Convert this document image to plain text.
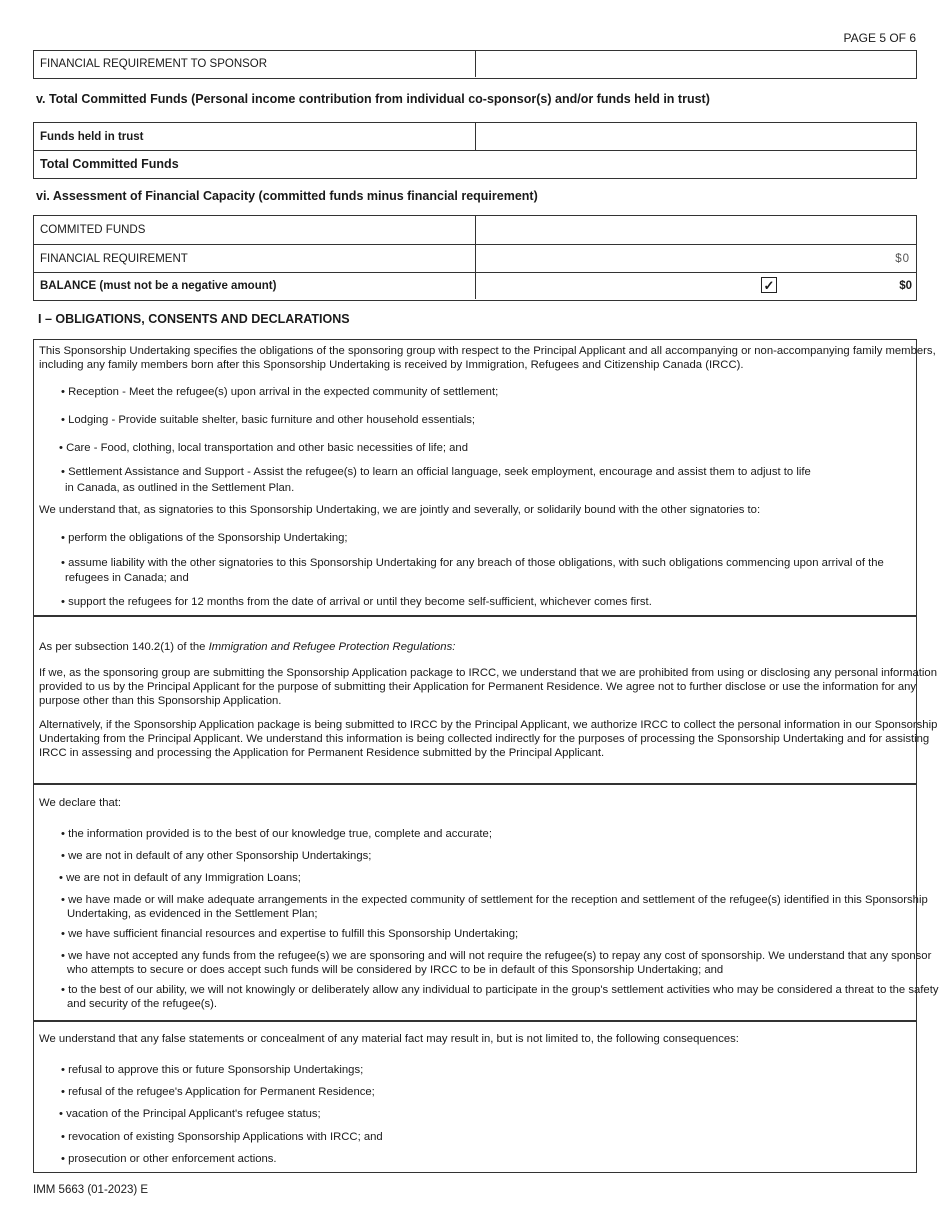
PAGE 5 OF 6
FINANCIAL REQUIREMENT TO SPONSOR
v. Total Committed Funds (Personal income contribution from individual co-sponsor(s) and/or funds held in trust)
Funds held in trust
Total Committed Funds
vi. Assessment of Financial Capacity (committed funds minus financial requirement)
COMMITED FUNDS
FINANCIAL REQUIREMENT	$0
BALANCE (must not be a negative amount)	✓	$0
I – OBLIGATIONS, CONSENTS AND DECLARATIONS
This Sponsorship Undertaking specifies the obligations of the sponsoring group with respect to the Principal Applicant and all accompanying or non-accompanying family members,
including any family members born after this Sponsorship Undertaking is received by Immigration, Refugees and Citizenship Canada (IRCC).
• Reception - Meet the refugee(s) upon arrival in the expected community of settlement;
• Lodging - Provide suitable shelter, basic furniture and other household essentials;
• Care - Food, clothing, local transportation and other basic necessities of life; and
• Settlement Assistance and Support - Assist the refugee(s) to learn an official language, seek employment, encourage and assist them to adjust to life
in Canada, as outlined in the Settlement Plan.
We understand that, as signatories to this Sponsorship Undertaking, we are jointly and severally, or solidarily bound with the other signatories to:
• perform the obligations of the Sponsorship Undertaking;
• assume liability with the other signatories to this Sponsorship Undertaking for any breach of those obligations, with such obligations commencing upon arrival of the
refugees in Canada; and
• support the refugees for 12 months from the date of arrival or until they become self-sufficient, whichever comes first.
As per subsection 140.2(1) of the Immigration and Refugee Protection Regulations:
If we, as the sponsoring group are submitting the Sponsorship Application package to IRCC, we understand that we are prohibited from using or disclosing any personal information
provided to us by the Principal Applicant for the purpose of submitting their Application for Permanent Residence. We agree not to further disclose or use the information for any
purpose other than this Sponsorship Application.
Alternatively, if the Sponsorship Application package is being submitted to IRCC by the Principal Applicant, we authorize IRCC to collect the personal information in our Sponsorship
Undertaking from the Principal Applicant. We understand this information is being collected indirectly for the purposes of processing the Sponsorship Undertaking and for assisting
IRCC in assessing and processing the Application for Permanent Residence submitted by the Principal Applicant.
We declare that:
• the information provided is to the best of our knowledge true, complete and accurate;
• we are not in default of any other Sponsorship Undertakings;
• we are not in default of any Immigration Loans;
• we have made or will make adequate arrangements in the expected community of settlement for the reception and settlement of the refugee(s) identified in this Sponsorship
Undertaking, as evidenced in the Settlement Plan;
• we have sufficient financial resources and expertise to fulfill this Sponsorship Undertaking;
• we have not accepted any funds from the refugee(s) we are sponsoring and will not require the refugee(s) to repay any cost of sponsorship. We understand that any sponsor
who attempts to secure or does accept such funds will be considered by IRCC to be in default of this Sponsorship Undertaking; and
• to the best of our ability, we will not knowingly or deliberately allow any individual to participate in the group's settlement activities who may be considered a threat to the safety
and security of the refugee(s).
We understand that any false statements or concealment of any material fact may result in, but is not limited to, the following consequences:
• refusal to approve this or future Sponsorship Undertakings;
• refusal of the refugee's Application for Permanent Residence;
• vacation of the Principal Applicant's refugee status;
• revocation of existing Sponsorship Applications with IRCC; and
• prosecution or other enforcement actions.
IMM 5663 (01-2023) E
